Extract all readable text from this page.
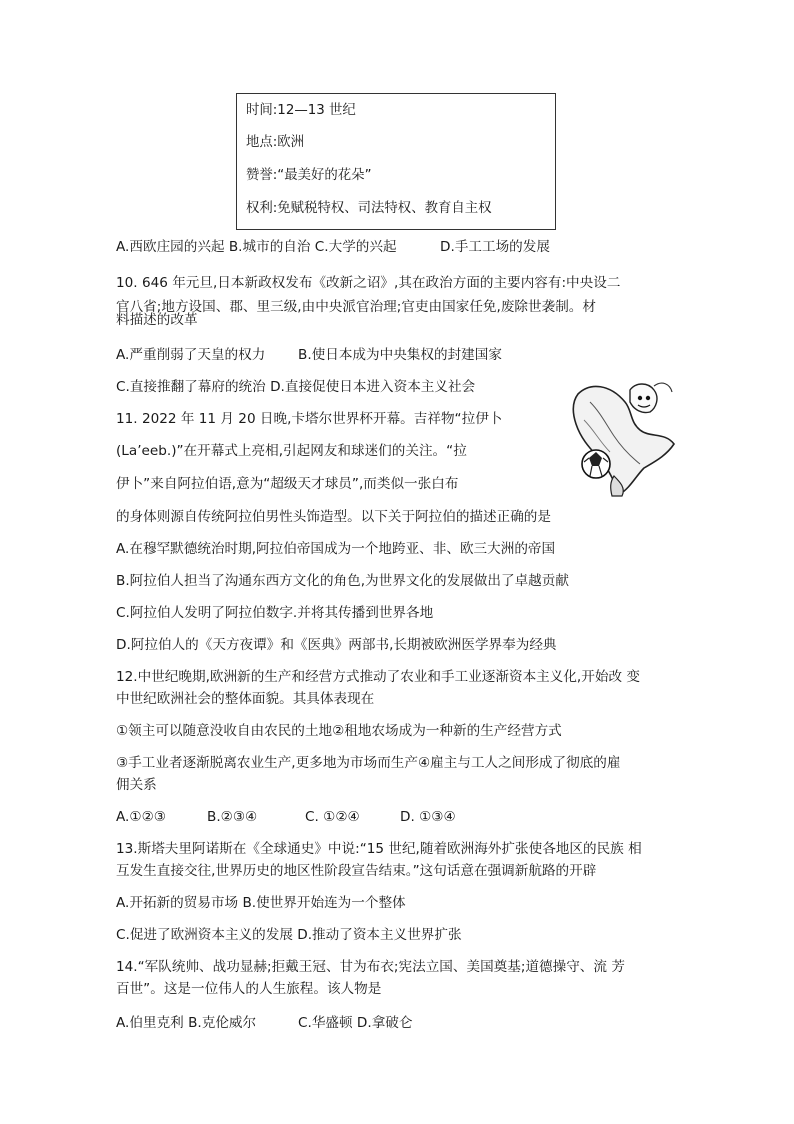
时间:12—13 世纪
地点:欧洲
赞誉:“最美好的花朵”
权利:免赋税特权、司法特权、教育自主权
A.西欧庄园的兴起 B.城市的自治 C.大学的兴起	D.手工工场的发展
10. 646 年元旦,日本新政权发布《改新之诏》,其在政治方面的主要内容有:中央设二
官八省;地方设国、郡、里三级,由中央派官治理;官吏由国家任免,废除世袭制。材
料描述的改革
A.严重削弱了天皇的权力 B.使日本成为中央集权的封建国家
C.直接推翻了幕府的统治 D.直接促使日本进入资本主义社会
11. 2022 年 11 月 20 日晚,卡塔尔世界杯开幕。吉祥物“拉伊卜
(La’eeb.)”在开幕式上亮相,引起网友和球迷们的关注。“拉
伊卜”来自阿拉伯语,意为“超级天才球员”,而类似一张白布
的身体则源自传统阿拉伯男性头饰造型。以下关于阿拉伯的描述正确的是
A.在穆罕默德统治时期,阿拉伯帝国成为一个地跨亚、非、欧三大洲的帝国
B.阿拉伯人担当了沟通东西方文化的角色,为世界文化的发展做出了卓越贡献
C.阿拉伯人发明了阿拉伯数字.并将其传播到世界各地
D.阿拉伯人的《天方夜谭》和《医典》两部书,长期被欧洲医学界奉为经典
12.中世纪晚期,欧洲新的生产和经营方式推动了农业和手工业逐渐资本主义化,开始改 变
中世纪欧洲社会的整体面貌。其具体表现在
①领主可以随意没收自由农民的土地②租地农场成为一种新的生产经营方式
③手工业者逐渐脱离农业生产,更多地为市场而生产④雇主与工人之间形成了彻底的雇
佣关系
A.①②③	B.②③④	C. ①②④	D. ①③④
13.斯塔夫里阿诺斯在《全球通史》中说:“15 世纪,随着欧洲海外扩张使各地区的民族 相
互发生直接交往,世界历史的地区性阶段宣告结束。”这句话意在强调新航路的开辟
A.开拓新的贸易市场 B.使世界开始连为一个整体
C.促进了欧洲资本主义的发展 D.推动了资本主义世界扩张
14.“军队统帅、战功显赫;拒戴王冠、甘为布衣;宪法立国、美国奠基;道德操守、流 芳
百世”。这是一位伟人的人生旅程。该人物是
A.伯里克利 B.克伦威尔	C.华盛顿 D.拿破仑
